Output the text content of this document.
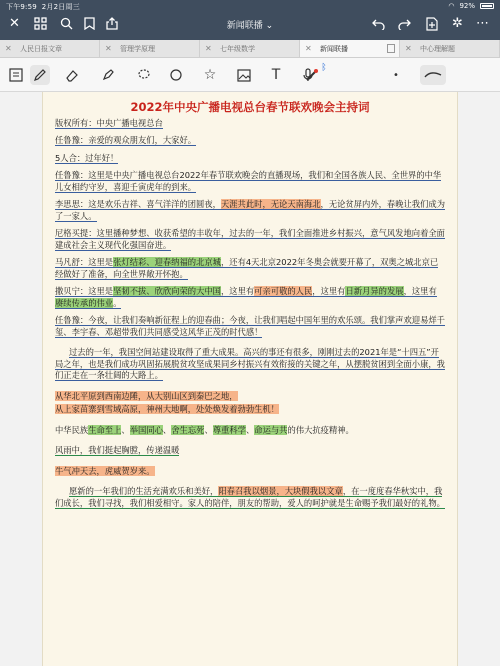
下午9:59 2月2日周三	◠ 92%
✕	新闻联播 ⌄	✲ ⋯
✕ 人民日报文章	✕ 管理学原理	✕ 七年级数学	✕ 新闻联播	✕ 中心理解题
☆	T	ᛒ
•
2022年中央广播电视总台春节联欢晚会主持词
版权所有：中央广播电视总台
任鲁豫：亲爱的观众朋友们，大家好。
5人合：过年好！
任鲁豫：这里是中央广播电视总台2022年春节联欢晚会的直播现场，我们和全国各族人民、全世界的中华儿女相约守岁，喜迎壬寅虎年的到来。
李思思：这是欢乐吉祥、喜气洋洋的团圆夜，天涯共此时，无论天南海北，无论贫屏内外，春晚让我们成为了一家人。
尼格买提：这里播种梦想、收获希望的丰收年，过去的一年，我们全面推进乡村振兴，意气风发地向着全面建成社会主义现代化强国奋进。
马凡舒：这里是张灯结彩、迎春纳福的北京城，还有4天北京2022年冬奥会就要开幕了，双奥之城北京已经做好了准备，向全世界敞开怀抱。
撒贝宁：这里是坚韧不拔、欣欣向荣的大中国，这里有可亲可敬的人民，这里有日新月异的发展，这里有赓续传承的伟业。
任鲁豫：今夜，让我们奏响新征程上的迎春曲；今夜，让我们唱起中国年里的欢乐颂。我们掌声欢迎易烊千玺、李宇春、邓超带我们共同感受这风华正茂的时代感！
过去的一年，我国空间站建设取得了重大成果。高兴的事还有很多，刚刚过去的2021年是“十四五”开局之年，也是我们成功巩固拓展脱贫攻坚成果同乡村振兴有效衔接的关键之年，从摆脱贫困到全面小康，我们正走在一条壮阔的大路上。
从华北平原到西南边陲，从大别山区到秦巴之地，
从上家苗寨到雪域高原，神州大地啊，处处焕发着勃勃生机！
中华民族生命至上、举国同心、舍生忘死、尊重科学、命运与共的伟大抗疫精神。
风雨中，我们挺起胸膛，传递温暖
牛气冲天去，虎威贺岁来。
愿新的一年我们的生活充满欢乐和美好，阳春召我以烟景，大块假我以文章，在一度度春华秋实中，我们成长，我们寻找，我们相爱相守。家人的陪伴，朋友的帮助，爱人的呵护就是生命赐予我们最好的礼物。
